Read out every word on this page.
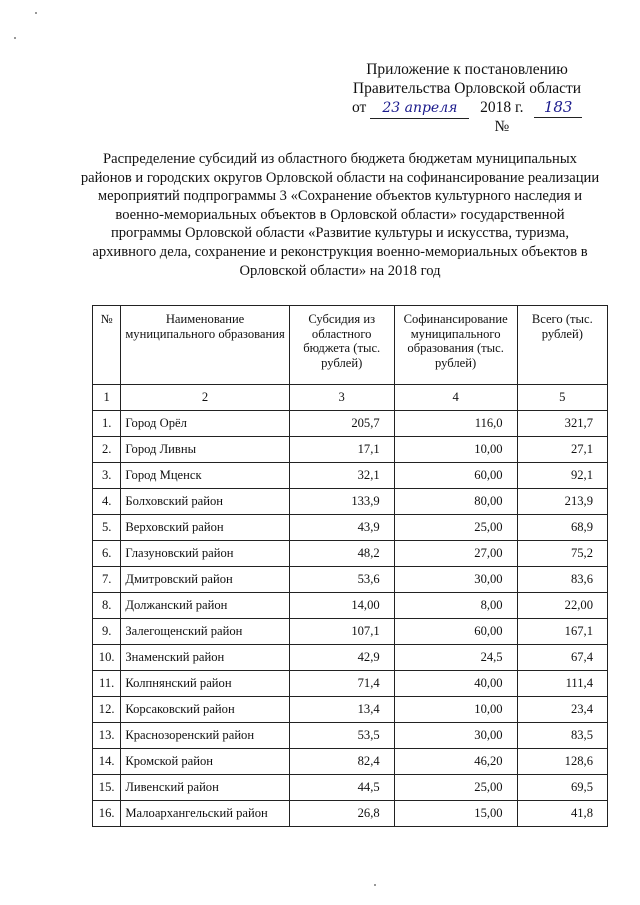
Приложение к постановлению
Правительства Орловской области
от	23 апреля	2018 г. №
183
Распределение субсидий из областного бюджета бюджетам муниципальных районов и городских округов Орловской области на софинансирование реализации мероприятий подпрограммы 3 «Сохранение объектов культурного наследия и военно-мемориальных объектов в Орловской области» государственной программы Орловской области «Развитие культуры и искусства, туризма, архивного дела, сохранение и реконструкция военно-мемориальных объектов в Орловской области» на 2018 год
№	Наименование муниципального образования	Субсидия из областного бюджета (тыс. рублей)	Софинансирование муниципального образования (тыс. рублей)	Всего (тыс. рублей)
1	2	3	4	5
1.	Город Орёл	205,7	116,0	321,7
2.	Город Ливны	17,1	10,00	27,1
3.	Город Мценск	32,1	60,00	92,1
4.	Болховский район	133,9	80,00	213,9
5.	Верховский район	43,9	25,00	68,9
6.	Глазуновский район	48,2	27,00	75,2
7.	Дмитровский район	53,6	30,00	83,6
8.	Должанский район	14,00	8,00	22,00
9.	Залегощенский район	107,1	60,00	167,1
10.	Знаменский район	42,9	24,5	67,4
11.	Колпнянский район	71,4	40,00	111,4
12.	Корсаковский район	13,4	10,00	23,4
13.	Краснозоренский район	53,5	30,00	83,5
14.	Кромской район	82,4	46,20	128,6
15.	Ливенский район	44,5	25,00	69,5
16.	Малоархангельский район	26,8	15,00	41,8
